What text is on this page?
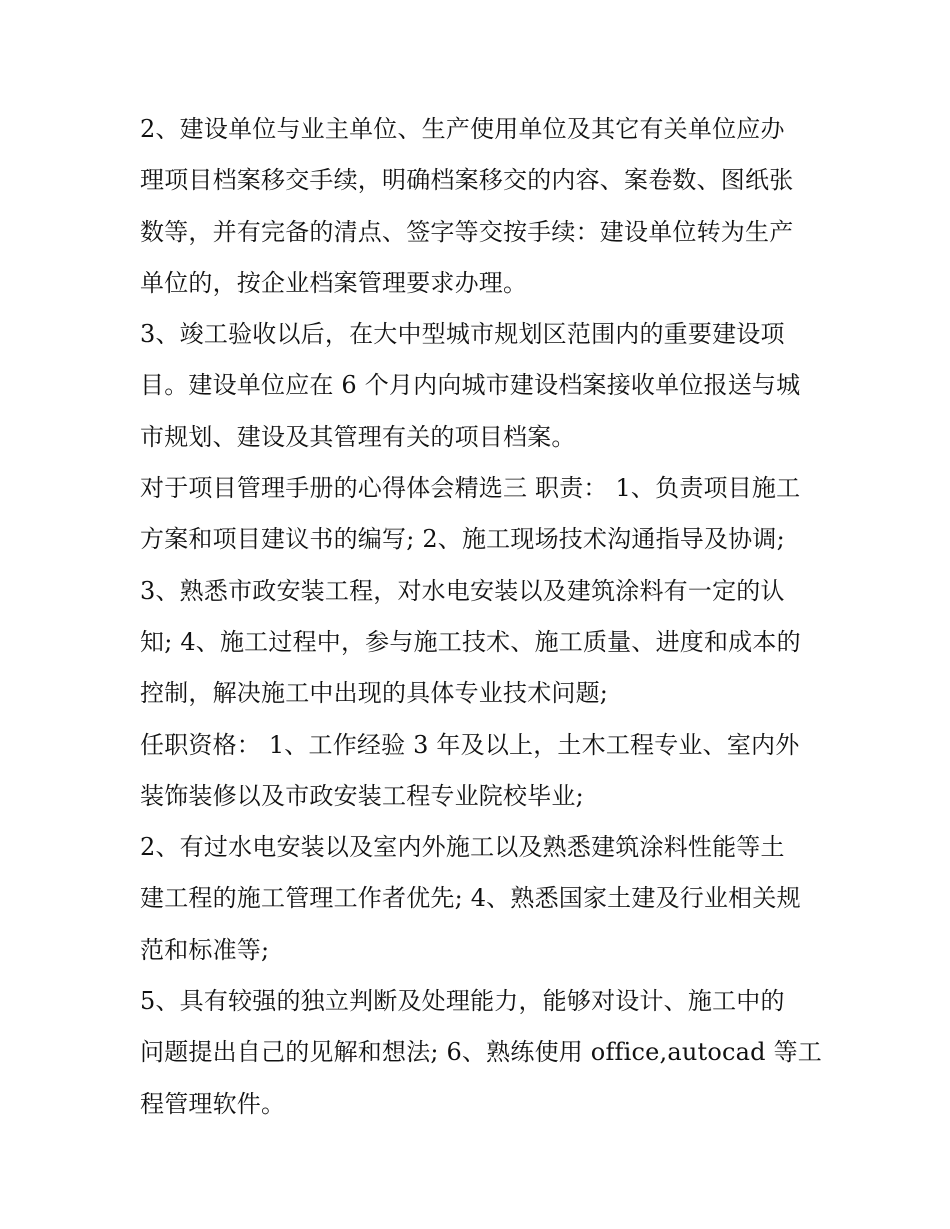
2、建设单位与业主单位、生产使用单位及其它有关单位应办
理项目档案移交手续，明确档案移交的内容、案卷数、图纸张
数等，并有完备的清点、签字等交按手续：建设单位转为生产
单位的，按企业档案管理要求办理。
3、竣工验收以后，在大中型城市规划区范围内的重要建设项
目。建设单位应在 6 个月内向城市建设档案接收单位报送与城
市规划、建设及其管理有关的项目档案。
对于项目管理手册的心得体会精选三 职责： 1、负责项目施工
方案和项目建议书的编写; 2、施工现场技术沟通指导及协调;
3、熟悉市政安装工程，对水电安装以及建筑涂料有一定的认
知; 4、施工过程中，参与施工技术、施工质量、进度和成本的
控制，解决施工中出现的具体专业技术问题;
任职资格： 1、工作经验 3 年及以上，土木工程专业、室内外
装饰装修以及市政安装工程专业院校毕业;
2、有过水电安装以及室内外施工以及熟悉建筑涂料性能等土
建工程的施工管理工作者优先; 4、熟悉国家土建及行业相关规
范和标准等;
5、具有较强的独立判断及处理能力，能够对设计、施工中的
问题提出自己的见解和想法; 6、熟练使用 office,autocad 等工
程管理软件。
